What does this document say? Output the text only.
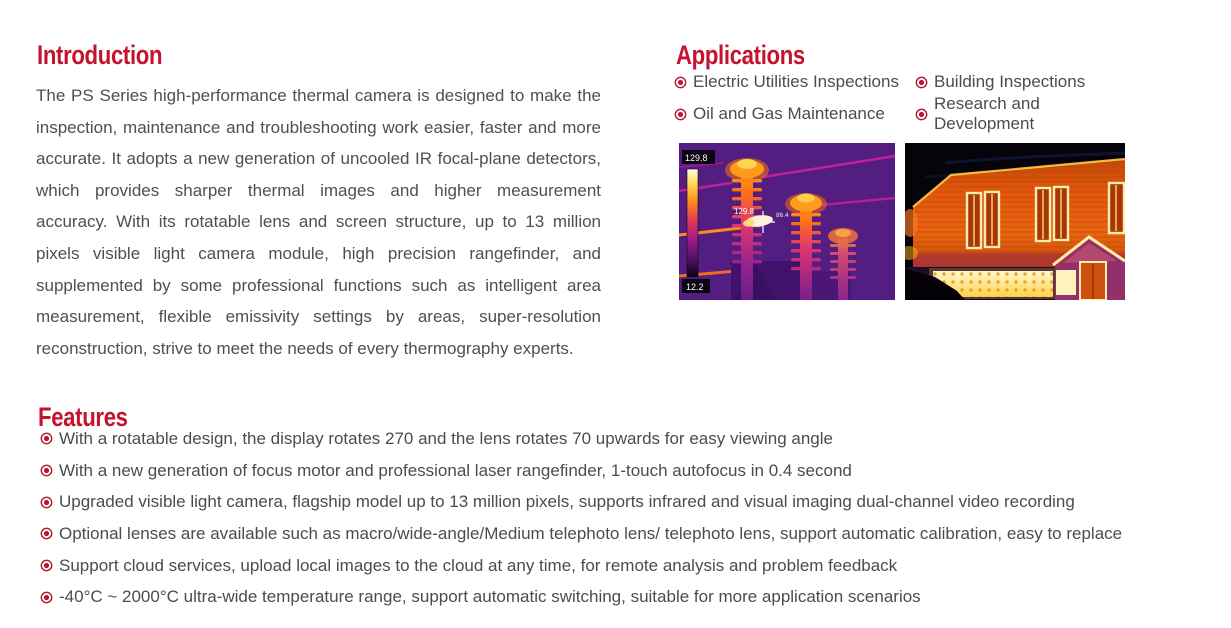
Introduction

The PS Series high-performance thermal camera is designed to make the inspection, maintenance and troubleshooting work easier, faster and more accurate. It adopts a new generation of uncooled IR focal-plane detectors, which provides sharper thermal images and higher measurement accuracy. With its rotatable lens and screen structure, up to 13 million pixels visible light camera module, high precision rangefinder, and supplemented by some professional functions such as intelligent area measurement, flexible emissivity settings by areas, super-resolution reconstruction, strive to meet the needs of every thermography experts.

Applications
Electric Utilities Inspections Building Inspections
Oil and Gas Maintenance
Research and Development
129.8	86.4
129.8
12.2
Features
With a rotatable design, the display rotates 270 and the lens rotates 70 upwards for easy viewing angle
With a new generation of focus motor and professional laser rangefinder, 1-touch autofocus in 0.4 second
Upgraded visible light camera, flagship model up to 13 million pixels, supports infrared and visual imaging dual-channel video recording
Optional lenses are available such as macro/wide-angle/Medium telephoto lens/ telephoto lens, support automatic calibration, easy to replace
Support cloud services, upload local images to the cloud at any time, for remote analysis and problem feedback
-40°C ~ 2000°C ultra-wide temperature range, support automatic switching, suitable for more application scenarios
